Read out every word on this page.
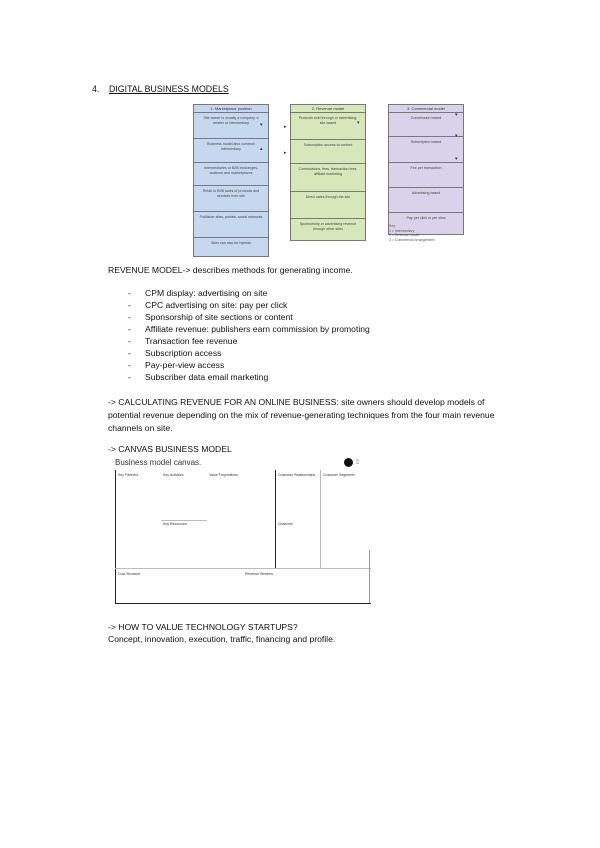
4. DIGITAL BUSINESS MODELS
1. Marketplace position
Site owner is usually a company, a retailer or intermediary
Business model also common intermediary
Intermediaries or B2B exchanges, auctions and marketplaces
Retail or B2B sales of products and services from site
Publisher sites, portals, social networks
Sites can also be hybrids
2. Revenue model
Products sold through or advertising, site-based
Subscription access to content
Commissions, fees, transaction fees, affiliate marketing
Direct sales through the site
Sponsorship or advertising revenue through other sites
3. Commercial model
Commission based
Subscription based
Fee per transaction
Advertising based
Pay per click or per view
▾
▴
▾
▾
▾
▾
▸
▸
Key:
1 = Intermediary
2 = Revenue model
3 = Commercial arrangement
REVENUE MODEL-> describes methods for generating income.
- CPM display: advertising on site
- CPC advertising on site: pay per click
- Sponsorship of site sections or content
- Affiliate revenue: publishers earn commission by promoting
- Transaction fee revenue
- Subscription access
- Pay-per-view access
- Subscriber data email marketing
-> CALCULATING REVENUE FOR AN ONLINE BUSINESS: site owners should develop models of
potential revenue depending on the mix of revenue-generating techniques from the four main revenue
channels on site.
-> CANVAS BUSINESS MODEL
Business model canvas.	▪▪▪
▪▪▪
Key Partners	Key Activities	Value Propositions	Customer Relationships Customer Segments
Key Resources	Channels
Cost Structure	Revenue Streams
-> HOW TO VALUE TECHNOLOGY STARTUPS?
Concept, innovation, execution, traffic, financing and profile.
